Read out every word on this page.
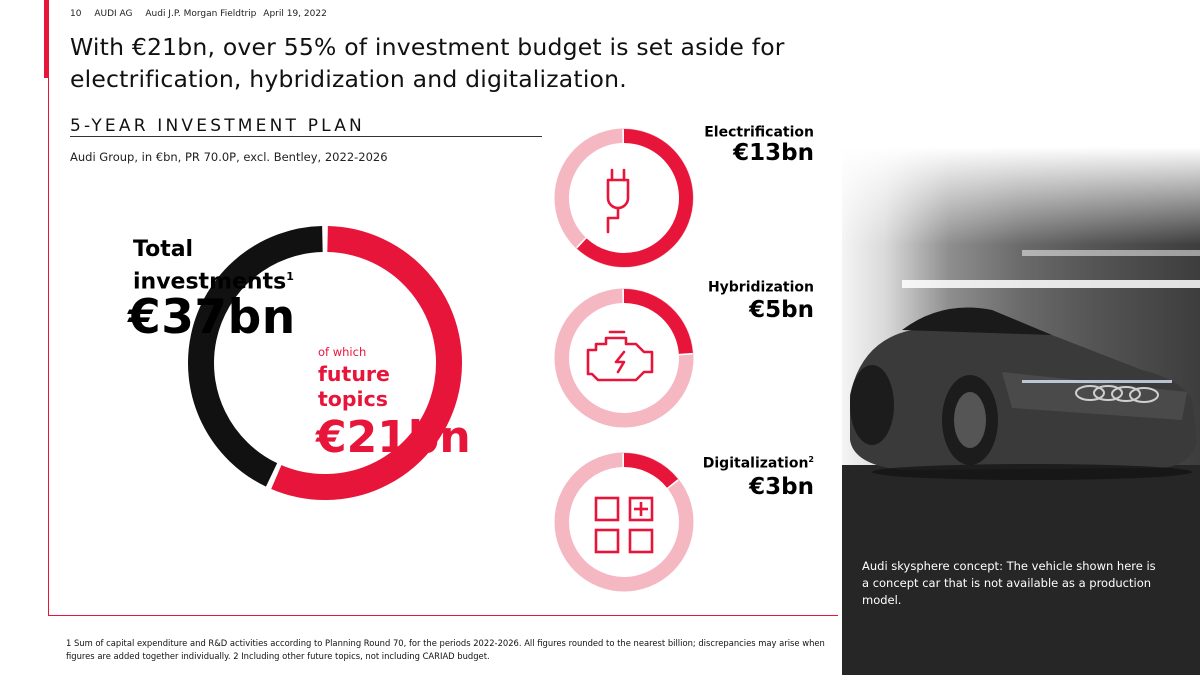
10 AUDI AG Audi J.P. Morgan Fieldtrip April 19, 2022
With €21bn, over 55% of investment budget is set aside for electrification, hybridization and digitalization.
5-YEAR INVESTMENT PLAN
Audi Group, in €bn, PR 70.0P, excl. Bentley, 2022-2026
Total
investments$^1$
€37bn
of which
future
topics
€21bn
Electrification
€13bn
Hybridization
€5bn
Digitalization$^2$
€3bn
Audi skysphere concept: The vehicle shown here is a concept car that is not available as a production model.
1 Sum of capital expenditure and R&D activities according to Planning Round 70, for the periods 2022-2026. All figures rounded to the nearest billion; discrepancies may arise when figures are added together individually. 2 Including other future topics, not including CARIAD budget.
